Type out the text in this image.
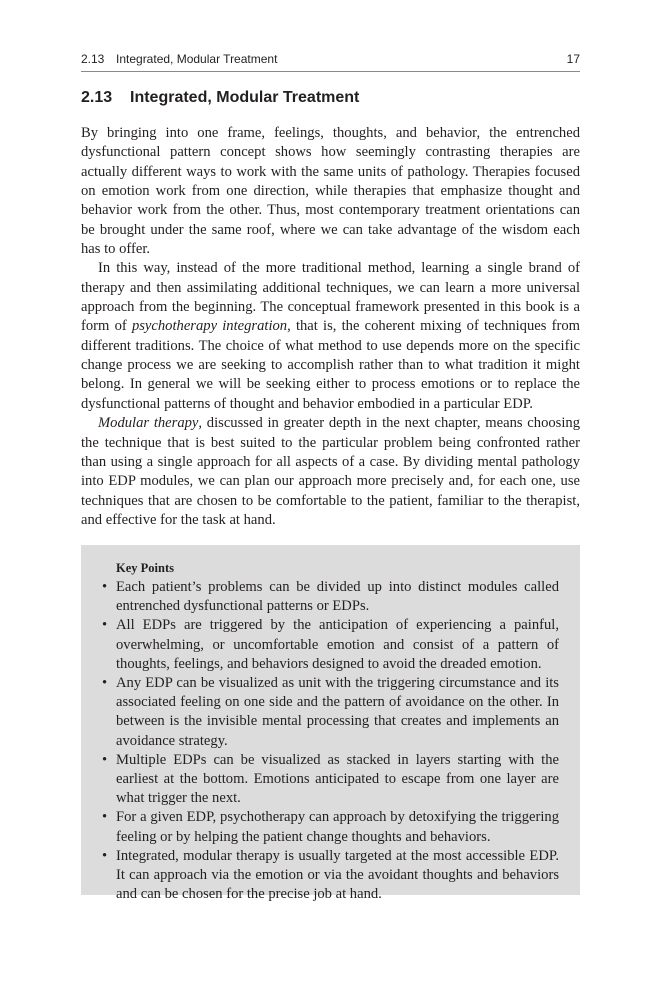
2.13 Integrated, Modular Treatment	17
2.13 Integrated, Modular Treatment

By bringing into one frame, feelings, thoughts, and behavior, the entrenched dysfunctional pattern concept shows how seemingly contrasting therapies are actually different ways to work with the same units of pathology. Therapies focused on emotion work from one direction, while therapies that emphasize thought and behavior work from the other. Thus, most contemporary treatment orientations can be brought under the same roof, where we can take advantage of the wisdom each has to offer.

In this way, instead of the more traditional method, learning a single brand of therapy and then assimilating additional techniques, we can learn a more universal approach from the beginning. The conceptual framework presented in this book is a form of psychotherapy integration, that is, the coherent mixing of techniques from different traditions. The choice of what method to use depends more on the specific change process we are seeking to accomplish rather than to what tradition it might belong. In general we will be seeking either to process emotions or to replace the dysfunctional patterns of thought and behavior embodied in a particular EDP.

Modular therapy, discussed in greater depth in the next chapter, means choosing the technique that is best suited to the particular problem being confronted rather than using a single approach for all aspects of a case. By dividing mental pathology into EDP modules, we can plan our approach more precisely and, for each one, use techniques that are chosen to be comfortable to the patient, familiar to the therapist, and effective for the task at hand.

Key Points
• Each patient’s problems can be divided up into distinct modules called entrenched dysfunctional patterns or EDPs.
• All EDPs are triggered by the anticipation of experiencing a painful, overwhelming, or uncomfortable emotion and consist of a pattern of thoughts, feelings, and behaviors designed to avoid the dreaded emotion.
• Any EDP can be visualized as unit with the triggering circumstance and its associated feeling on one side and the pattern of avoidance on the other. In between is the invisible mental processing that creates and implements an avoidance strategy.
• Multiple EDPs can be visualized as stacked in layers starting with the earliest at the bottom. Emotions anticipated to escape from one layer are what trigger the next.
• For a given EDP, psychotherapy can approach by detoxifying the triggering feeling or by helping the patient change thoughts and behaviors.
• Integrated, modular therapy is usually targeted at the most accessible EDP. It can approach via the emotion or via the avoidant thoughts and behaviors and can be chosen for the precise job at hand.
